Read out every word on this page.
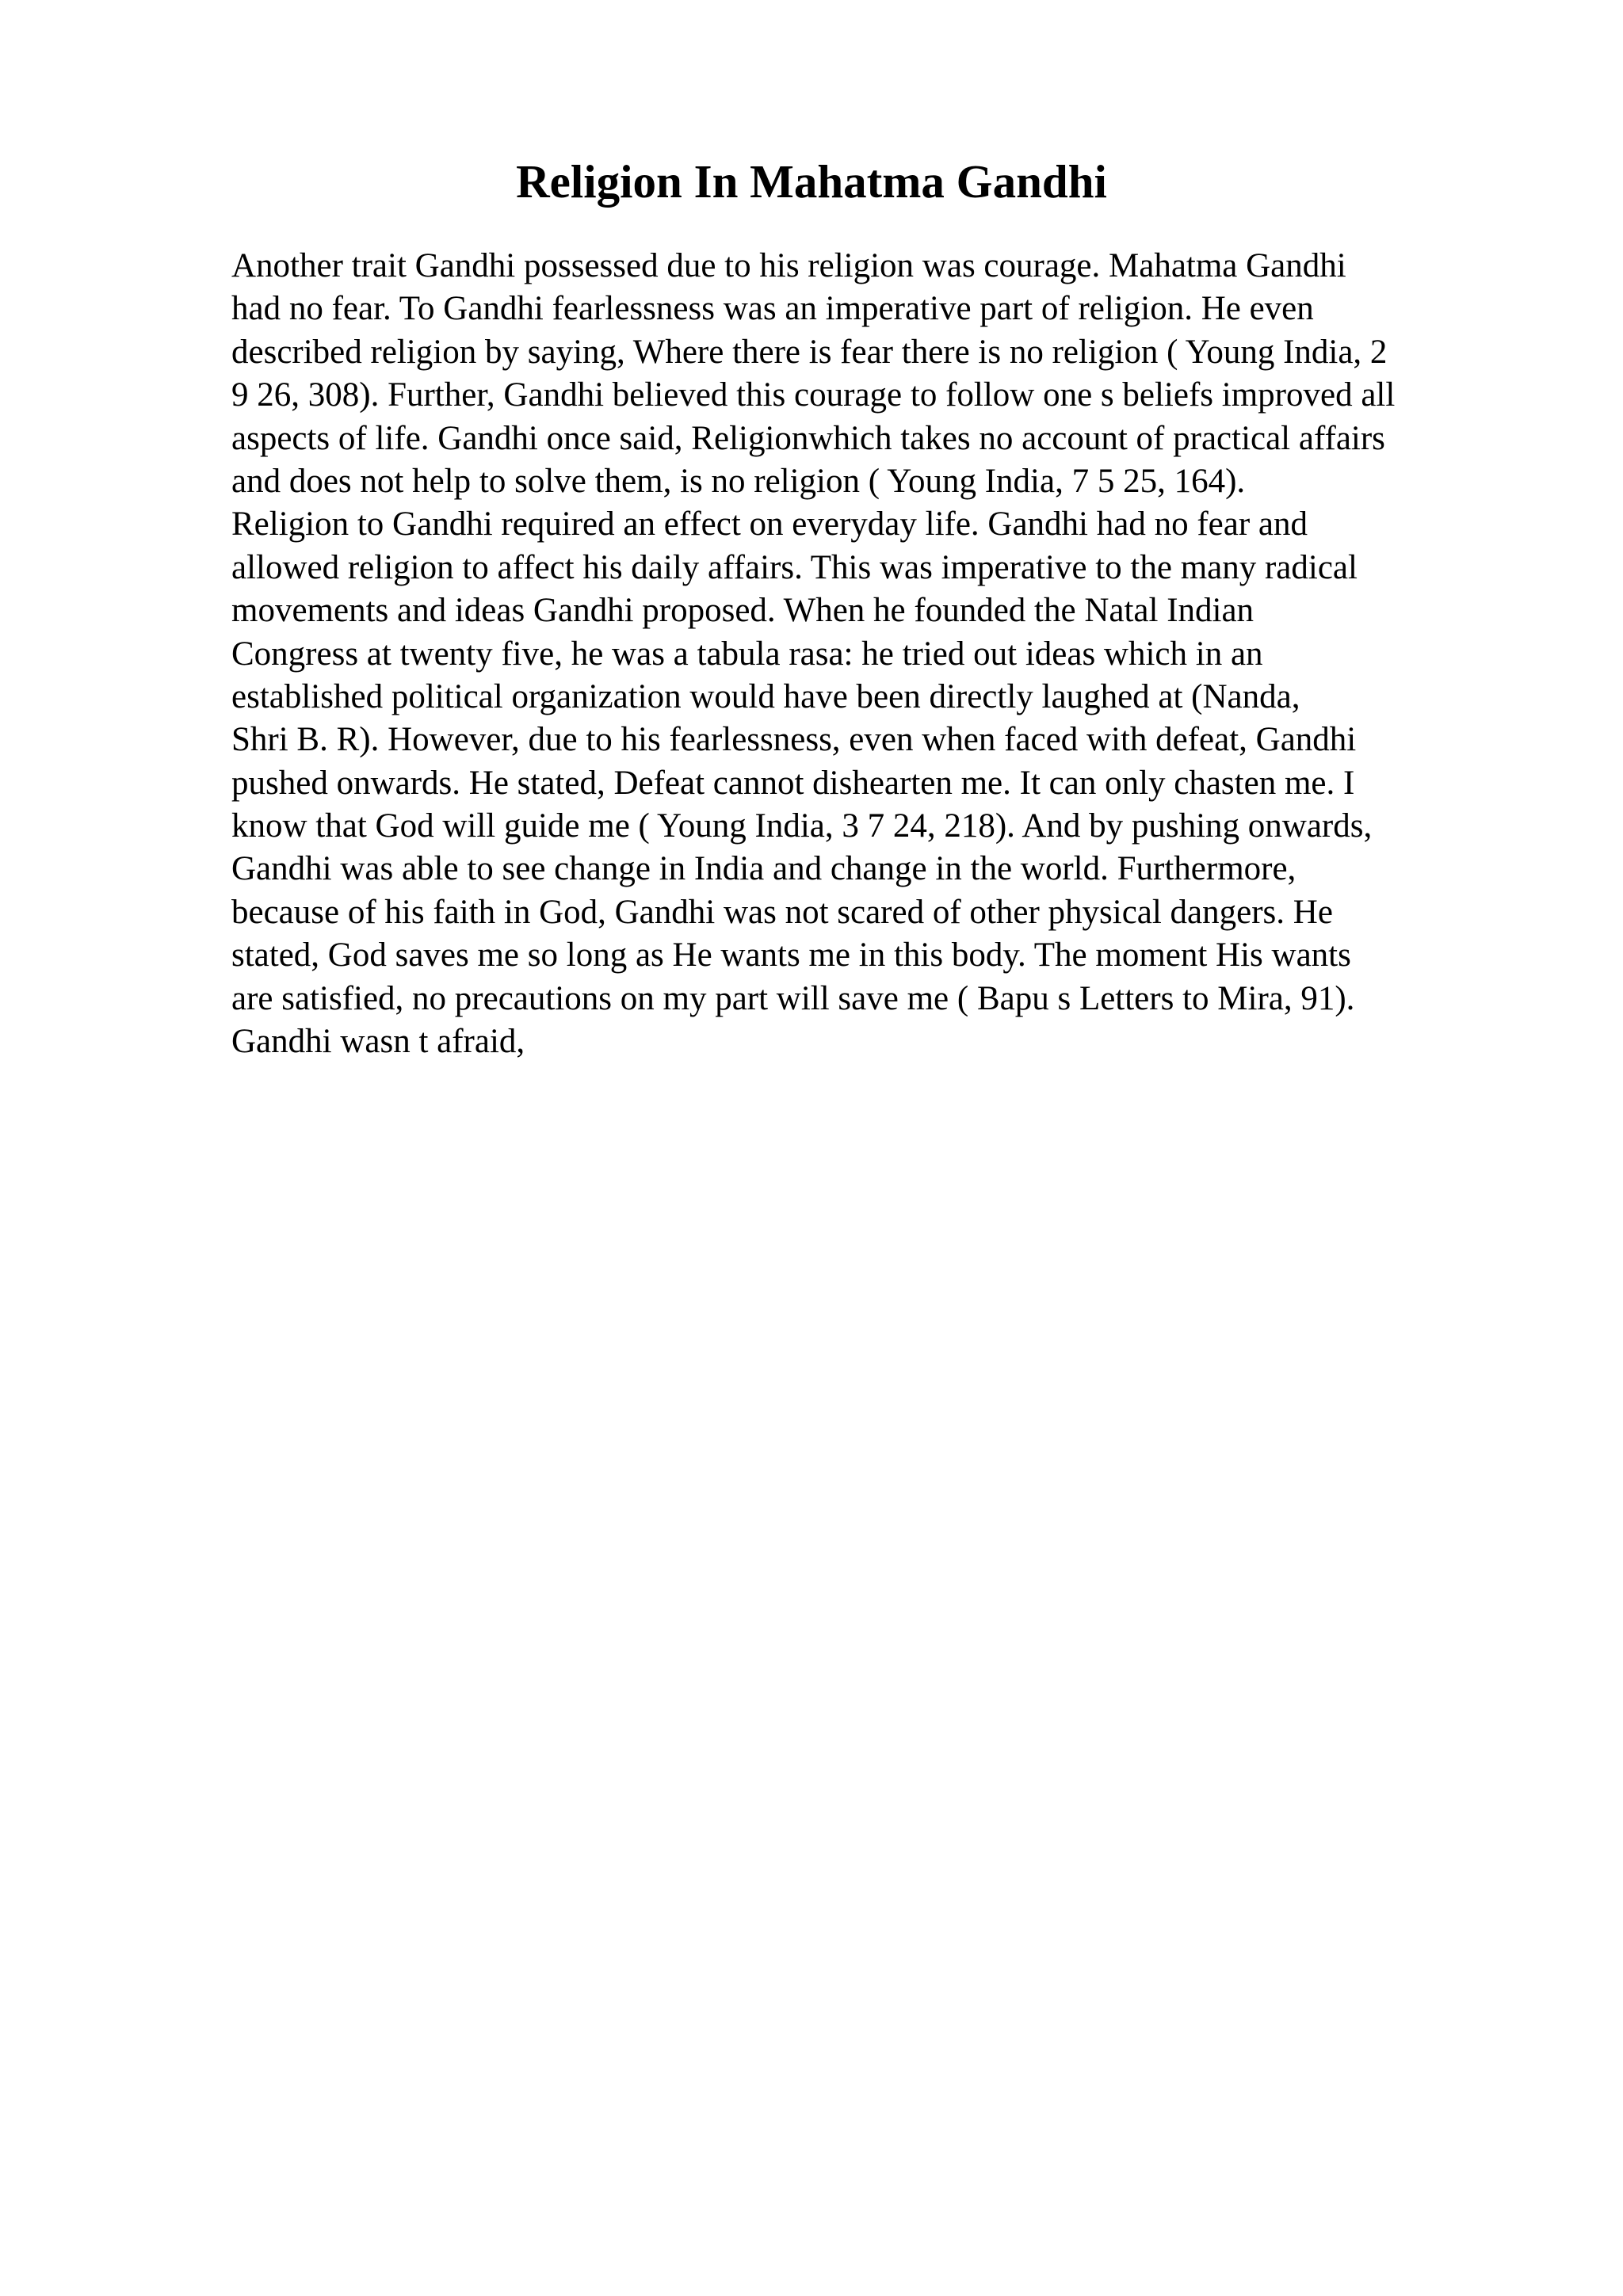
Religion In Mahatma Gandhi
Another trait Gandhi possessed due to his religion was courage. Mahatma Gandhi
had no fear. To Gandhi fearlessness was an imperative part of religion. He even
described religion by saying, Where there is fear there is no religion ( Young India, 2
9 26, 308). Further, Gandhi believed this courage to follow one s beliefs improved all
aspects of life. Gandhi once said, Religionwhich takes no account of practical affairs
and does not help to solve them, is no religion ( Young India, 7 5 25, 164).
Religion to Gandhi required an effect on everyday life. Gandhi had no fear and
allowed religion to affect his daily affairs. This was imperative to the many radical
movements and ideas Gandhi proposed. When he founded the Natal Indian
Congress at twenty five, he was a tabula rasa: he tried out ideas which in an
established political organization would have been directly laughed at (Nanda,
Shri B. R). However, due to his fearlessness, even when faced with defeat, Gandhi
pushed onwards. He stated, Defeat cannot dishearten me. It can only chasten me. I
know that God will guide me ( Young India, 3 7 24, 218). And by pushing onwards,
Gandhi was able to see change in India and change in the world. Furthermore,
because of his faith in God, Gandhi was not scared of other physical dangers. He
stated, God saves me so long as He wants me in this body. The moment His wants
are satisfied, no precautions on my part will save me ( Bapu s Letters to Mira, 91).
Gandhi wasn t afraid,
